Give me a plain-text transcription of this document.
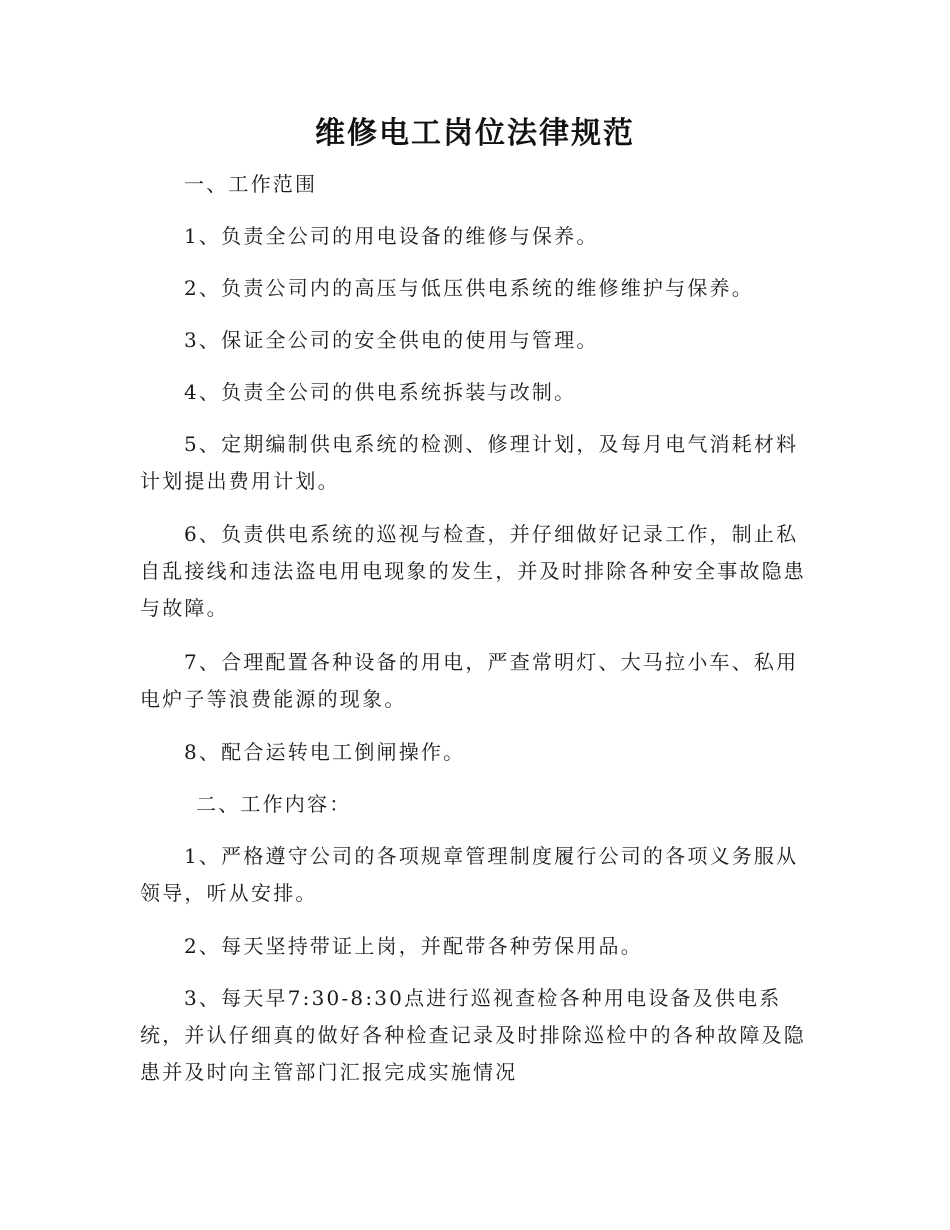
维修电工岗位法律规范

一、工作范围

1、负责全公司的用电设备的维修与保养。

2、负责公司内的高压与低压供电系统的维修维护与保养。

3、保证全公司的安全供电的使用与管理。

4、负责全公司的供电系统拆装与改制。

5、定期编制供电系统的检测、修理计划，及每月电气消耗材料计划提出费用计划。

6、负责供电系统的巡视与检查，并仔细做好记录工作，制止私自乱接线和违法盗电用电现象的发生，并及时排除各种安全事故隐患与故障。

7、合理配置各种设备的用电，严查常明灯、大马拉小车、私用电炉子等浪费能源的现象。

8、配合运转电工倒闸操作。

二、工作内容：

1、严格遵守公司的各项规章管理制度履行公司的各项义务服从领导，听从安排。

2、每天坚持带证上岗，并配带各种劳保用品。

3、每天早7:30-8:30点进行巡视查检各种用电设备及供电系统，并认仔细真的做好各种检查记录及时排除巡检中的各种故障及隐患并及时向主管部门汇报完成实施情况
